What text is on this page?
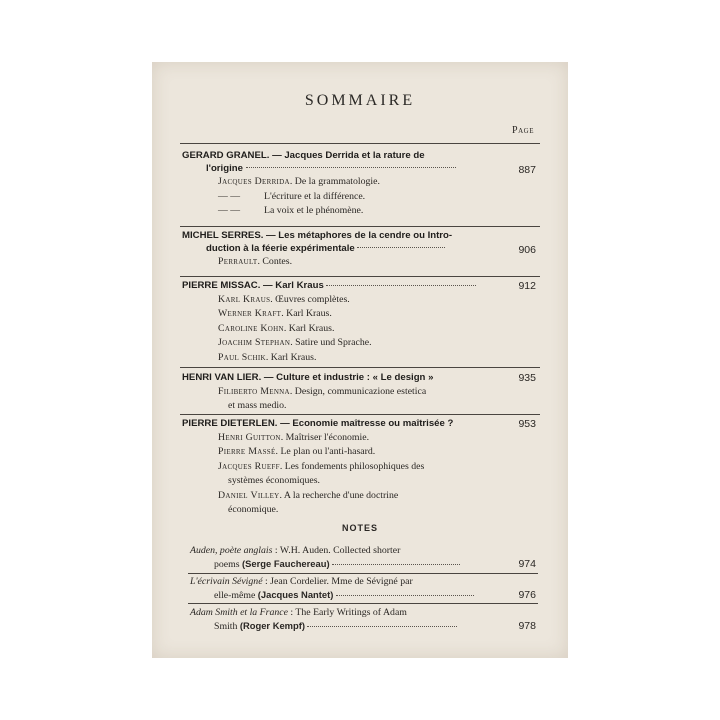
SOMMAIRE
Page
GERARD GRANEL. — Jacques Derrida et la rature de
l'origine	887
Jacques Derrida. De la grammatologie.
— — L'écriture et la différence.
— — La voix et le phénomène.
MICHEL SERRES. — Les métaphores de la cendre ou Intro-
duction à la féerie expérimentale	906
Perrault. Contes.
PIERRE MISSAC. — Karl Kraus	912
Karl Kraus. Œuvres complètes.
Werner Kraft. Karl Kraus.
Caroline Kohn. Karl Kraus.
Joachim Stephan. Satire und Sprache.
Paul Schik. Karl Kraus.
HENRI VAN LIER. — Culture et industrie : « Le design »	935
Filiberto Menna. Design, communicazione estetica
et mass medio.
PIERRE DIETERLEN. — Economie maîtresse ou maîtrisée ?	953
Henri Guitton. Maîtriser l'économie.
Pierre Massé. Le plan ou l'anti-hasard.
Jacques Rueff. Les fondements philosophiques des
systèmes économiques.
Daniel Villey. A la recherche d'une doctrine
économique.
NOTES
Auden, poète anglais : W.H. Auden. Collected shorter
poems (Serge Fauchereau)	974
L'écrivain Sévigné : Jean Cordelier. Mme de Sévigné par
elle-même (Jacques Nantet)	976
Adam Smith et la France : The Early Writings of Adam
Smith (Roger Kempf)	978
